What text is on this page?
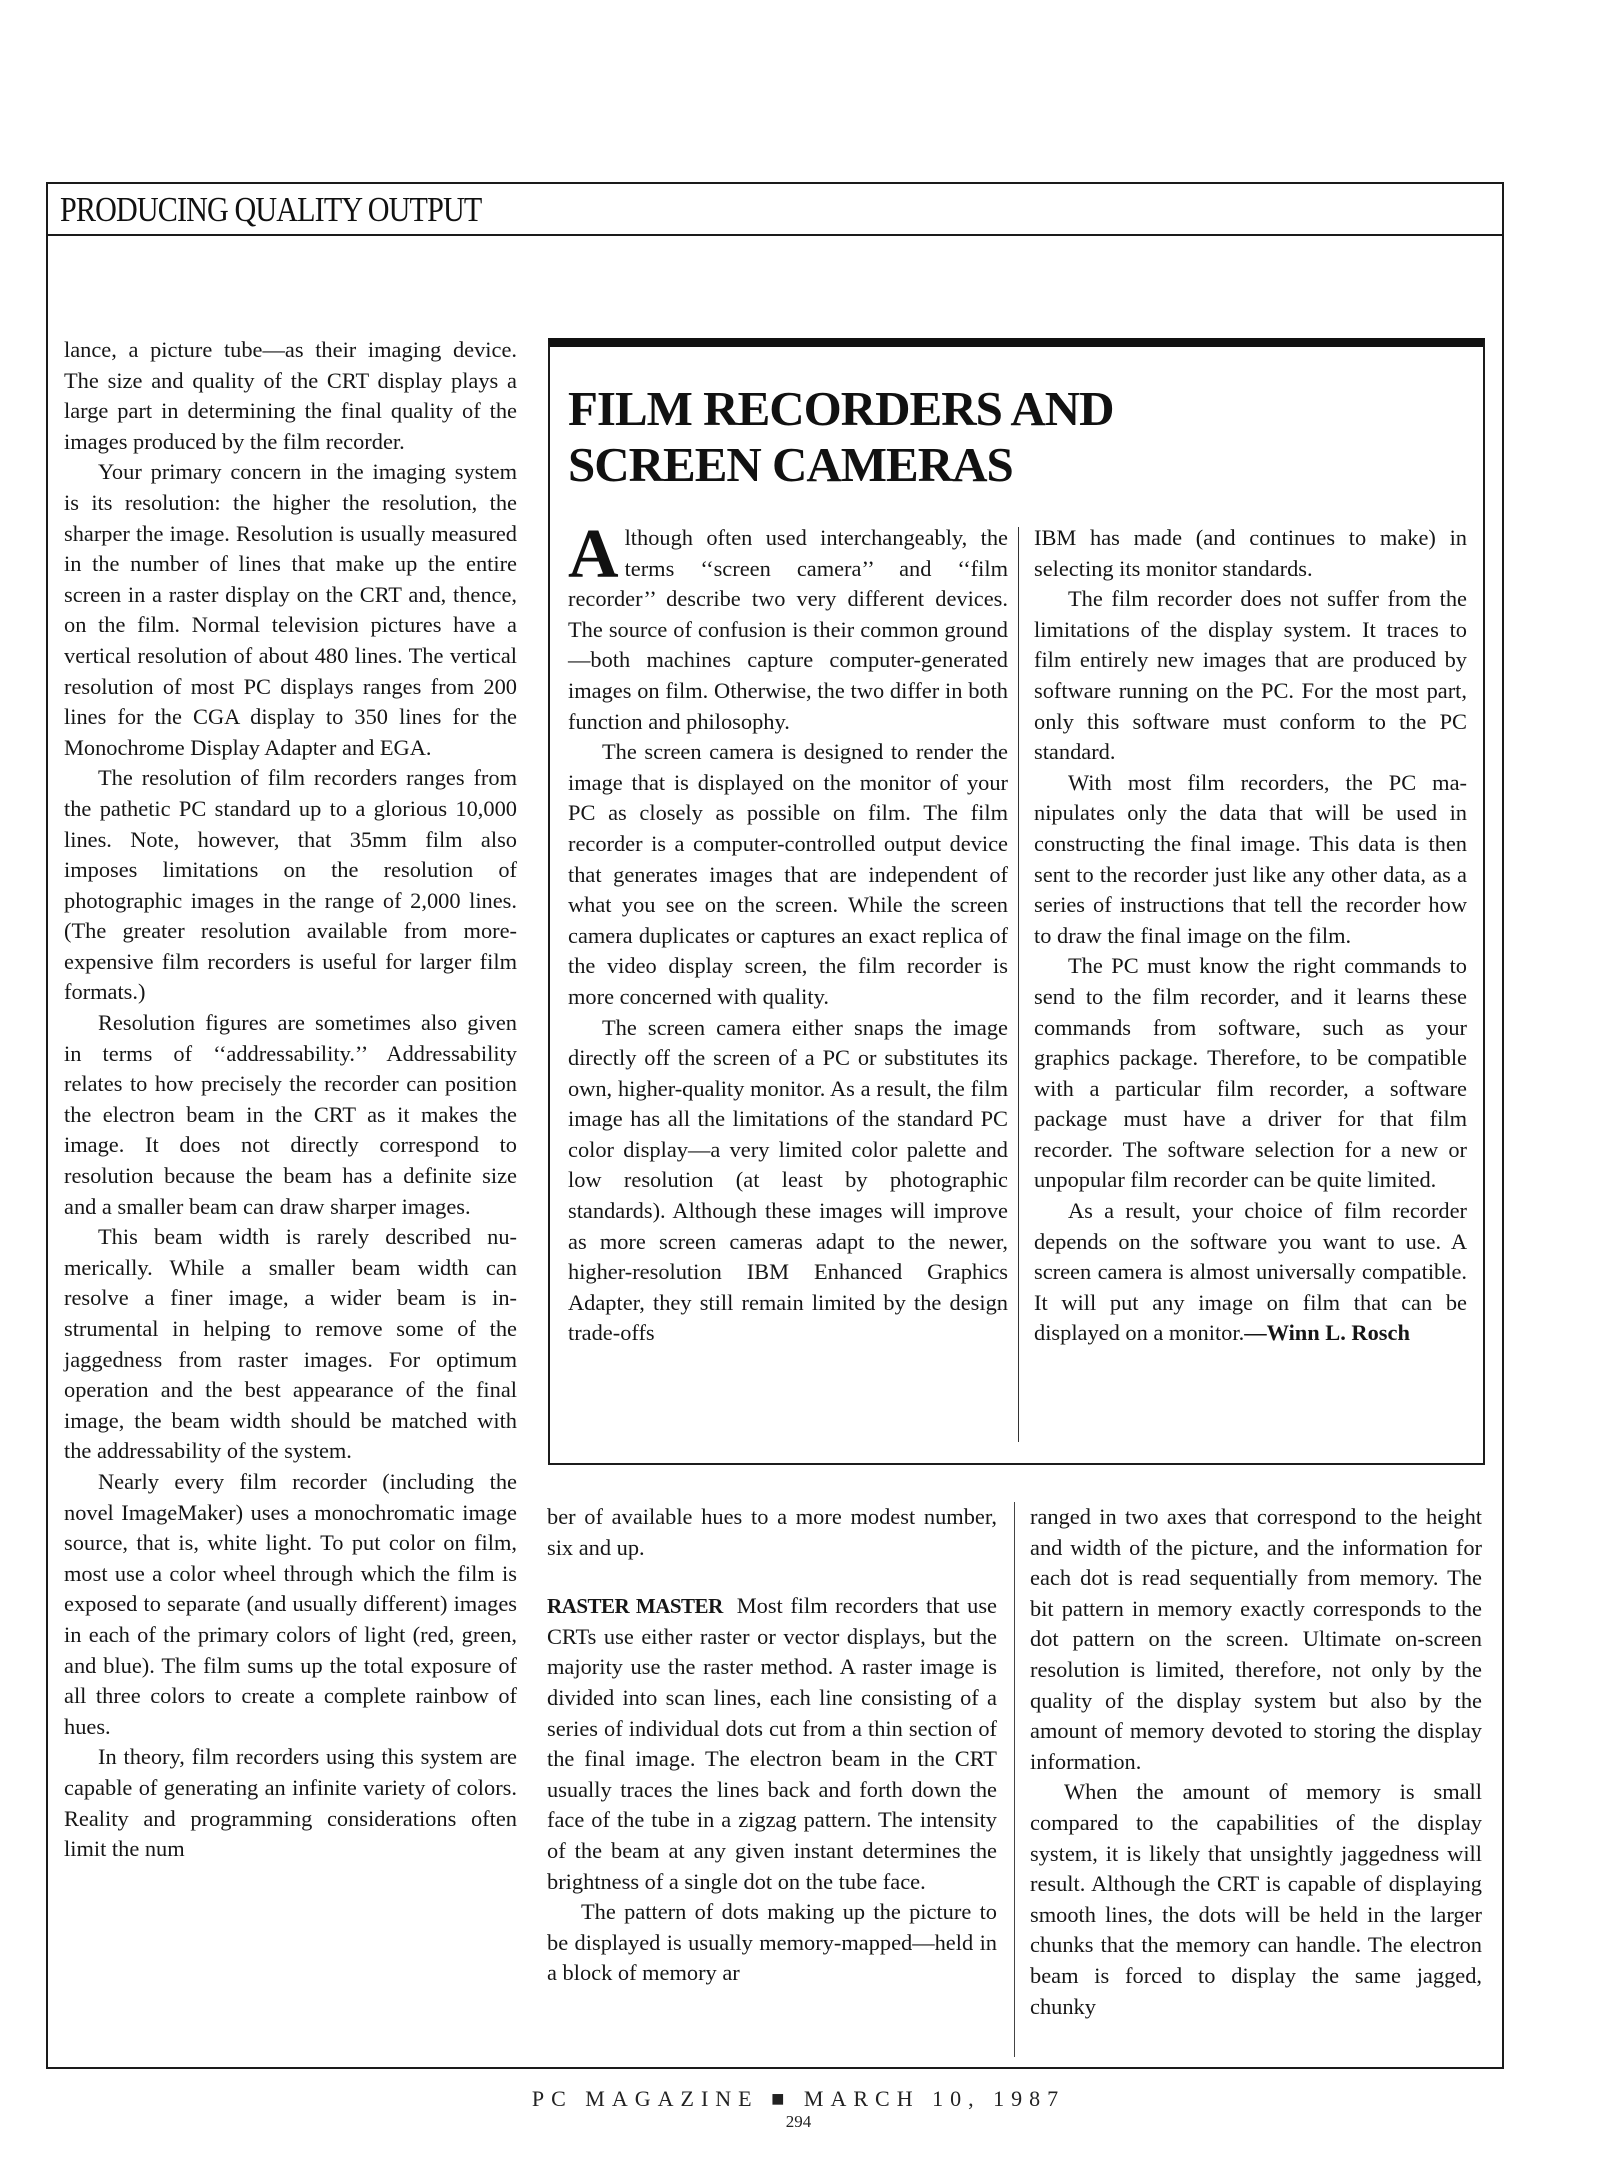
PRODUCING QUALITY OUTPUT

lance, a picture tube—as their imaging device. The size and quality of the CRT display plays a large part in determining the final quality of the images produced by the film recorder.

Your primary concern in the imaging system is its resolution: the higher the resolution, the sharper the image. Resolution is usually measured in the number of lines that make up the entire screen in a raster display on the CRT and, thence, on the film. Normal television pictures have a vertical resolution of about 480 lines. The vertical resolution of most PC displays ranges from 200 lines for the CGA display to 350 lines for the Monochrome Display Adapter and EGA.

The resolution of film recorders ranges from the pathetic PC standard up to a glorious 10,000 lines. Note, however, that 35mm film also imposes limitations on the resolution of photographic images in the range of 2,000 lines. (The greater resolution available from more-expensive film recorders is useful for larger film formats.)

Resolution figures are sometimes also given in terms of ‘‘addressability.’’ Addressability relates to how precisely the recorder can position the electron beam in the CRT as it makes the image. It does not directly correspond to resolution because the beam has a definite size and a smaller beam can draw sharper images.

This beam width is rarely described numerically. While a smaller beam width can resolve a finer image, a wider beam is instrumental in helping to remove some of the jaggedness from raster images. For optimum operation and the best appearance of the final image, the beam width should be matched with the addressability of the system.

Nearly every film recorder (including the novel ImageMaker) uses a monochromatic image source, that is, white light. To put color on film, most use a color wheel through which the film is exposed to separate (and usually different) images in each of the primary colors of light (red, green, and blue). The film sums up the total exposure of all three colors to create a complete rainbow of hues.

In theory, film recorders using this system are capable of generating an infinite variety of colors. Reality and programming considerations often limit the num

FILM RECORDERS AND
SCREEN CAMERAS

Although often used interchangeably, the terms ‘‘screen camera’’ and ‘‘film recorder’’ describe two very different devices. The source of confusion is their common ground—both machines capture computer-generated images on film. Otherwise, the two differ in both function and philosophy.

The screen camera is designed to render the image that is displayed on the monitor of your PC as closely as possible on film. The film recorder is a computer-controlled output device that generates images that are independent of what you see on the screen. While the screen camera duplicates or captures an exact replica of the video display screen, the film recorder is more concerned with quality.

The screen camera either snaps the image directly off the screen of a PC or substitutes its own, higher-quality monitor. As a result, the film image has all the limitations of the standard PC color display—a very limited color palette and low resolution (at least by photographic standards). Although these images will improve as more screen cameras adapt to the newer, higher-resolution IBM Enhanced Graphics Adapter, they still remain limited by the design trade-offs

IBM has made (and continues to make) in selecting its monitor standards.

The film recorder does not suffer from the limitations of the display system. It traces to film entirely new images that are produced by software running on the PC. For the most part, only this software must conform to the PC standard.

With most film recorders, the PC manipulates only the data that will be used in constructing the final image. This data is then sent to the recorder just like any other data, as a series of instructions that tell the recorder how to draw the final image on the film.

The PC must know the right commands to send to the film recorder, and it learns these commands from software, such as your graphics package. Therefore, to be compatible with a particular film recorder, a software package must have a driver for that film recorder. The software selection for a new or unpopular film recorder can be quite limited.

As a result, your choice of film recorder depends on the software you want to use. A screen camera is almost universally compatible. It will put any image on film that can be displayed on a monitor.—Winn L. Rosch

ber of available hues to a more modest number, six and up.

RASTER MASTER Most film recorders that use CRTs use either raster or vector displays, but the majority use the raster method. A raster image is divided into scan lines, each line consisting of a series of individual dots cut from a thin section of the final image. The electron beam in the CRT usually traces the lines back and forth down the face of the tube in a zigzag pattern. The intensity of the beam at any given instant determines the brightness of a single dot on the tube face.

The pattern of dots making up the picture to be displayed is usually memory-mapped—held in a block of memory ar

ranged in two axes that correspond to the height and width of the picture, and the information for each dot is read sequentially from memory. The bit pattern in memory exactly corresponds to the dot pattern on the screen. Ultimate on-screen resolution is limited, therefore, not only by the quality of the display system but also by the amount of memory devoted to storing the display information.

When the amount of memory is small compared to the capabilities of the display system, it is likely that unsightly jaggedness will result. Although the CRT is capable of displaying smooth lines, the dots will be held in the larger chunks that the memory can handle. The electron beam is forced to display the same jagged, chunky

PC MAGAZINE ■ MARCH 10, 1987

294
